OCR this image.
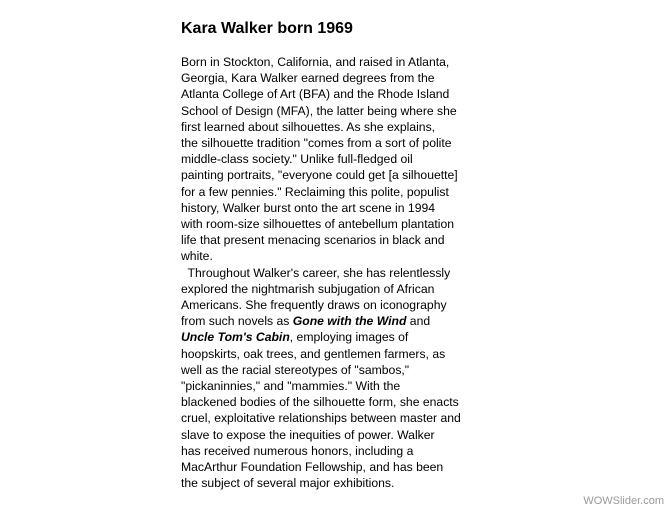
Kara Walker born 1969

Born in Stockton, California, and raised in Atlanta,
Georgia, Kara Walker earned degrees from the
Atlanta College of Art (BFA) and the Rhode Island
School of Design (MFA), the latter being where she
first learned about silhouettes. As she explains,
the silhouette tradition "comes from a sort of polite
middle-class society." Unlike full-fledged oil
painting portraits, "everyone could get [a silhouette]
for a few pennies." Reclaiming this polite, populist
history, Walker burst onto the art scene in 1994
with room-size silhouettes of antebellum plantation
life that present menacing scenarios in black and
white.

Throughout Walker's career, she has relentlessly
explored the nightmarish subjugation of African
Americans. She frequently draws on iconography
from such novels as Gone with the Wind and
Uncle Tom's Cabin, employing images of
hoopskirts, oak trees, and gentlemen farmers, as
well as the racial stereotypes of "sambos,"
"pickaninnies," and "mammies." With the
blackened bodies of the silhouette form, she enacts
cruel, exploitative relationships between master and
slave to expose the inequities of power. Walker
has received numerous honors, including a
MacArthur Foundation Fellowship, and has been
the subject of several major exhibitions.

WOWSlider.com
